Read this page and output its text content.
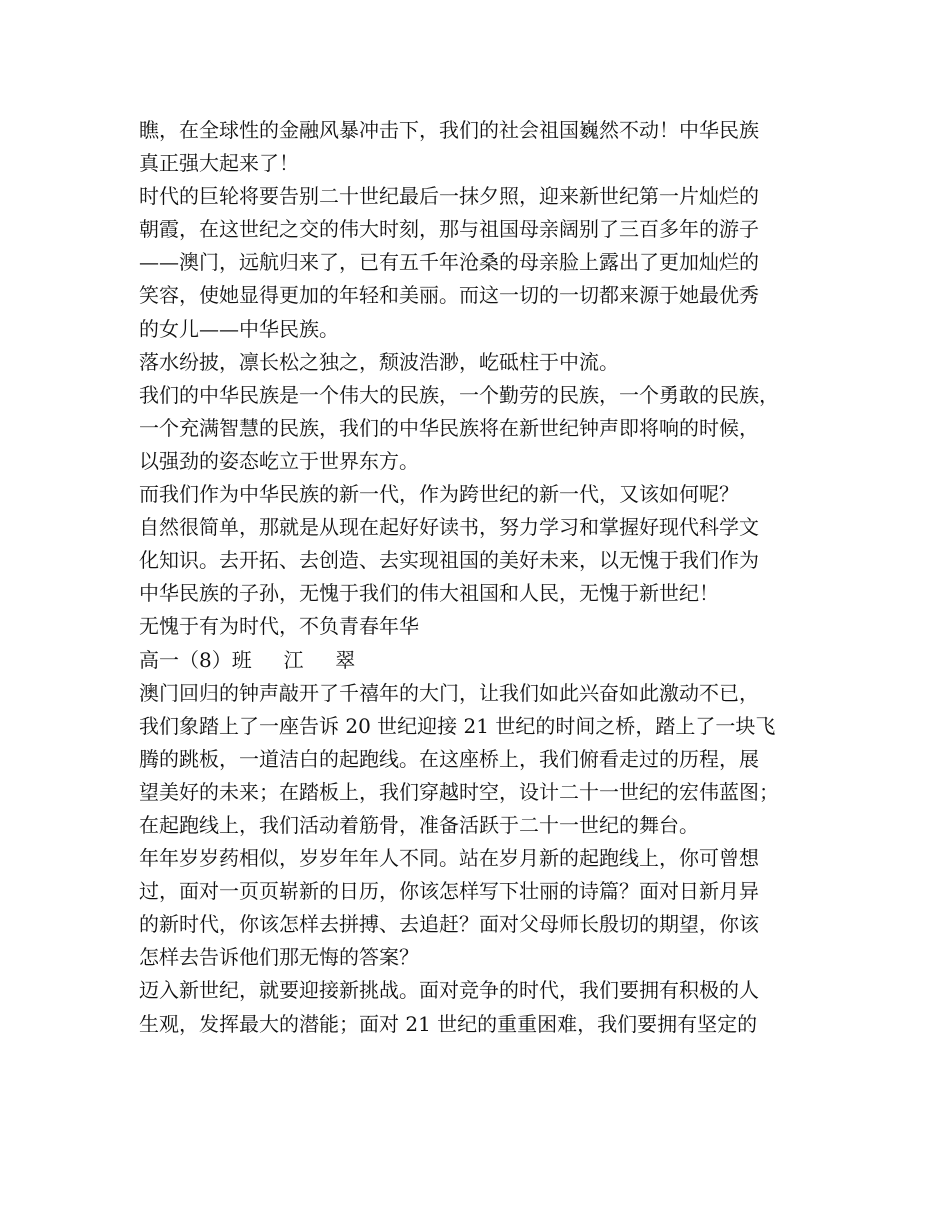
瞧，在全球性的金融风暴冲击下，我们的社会祖国巍然不动！中华民族

真正强大起来了！

时代的巨轮将要告别二十世纪最后一抹夕照，迎来新世纪第一片灿烂的

朝霞，在这世纪之交的伟大时刻，那与祖国母亲阔别了三百多年的游子

——澳门，远航归来了，已有五千年沧桑的母亲脸上露出了更加灿烂的

笑容，使她显得更加的年轻和美丽。而这一切的一切都来源于她最优秀

的女儿——中华民族。

落水纷披，凛长松之独之，颓波浩渺，屹砥柱于中流。

我们的中华民族是一个伟大的民族，一个勤劳的民族，一个勇敢的民族，

一个充满智慧的民族，我们的中华民族将在新世纪钟声即将响的时候，

以强劲的姿态屹立于世界东方。

而我们作为中华民族的新一代，作为跨世纪的新一代，又该如何呢？

自然很简单，那就是从现在起好好读书，努力学习和掌握好现代科学文

化知识。去开拓、去创造、去实现祖国的美好未来，以无愧于我们作为

中华民族的子孙，无愧于我们的伟大祖国和人民，无愧于新世纪！

无愧于有为时代，不负青春年华

高一（8）班     江     翠

澳门回归的钟声敲开了千禧年的大门，让我们如此兴奋如此激动不已，

我们象踏上了一座告诉 20 世纪迎接 21 世纪的时间之桥，踏上了一块飞

腾的跳板，一道洁白的起跑线。在这座桥上，我们俯看走过的历程，展

望美好的未来；在踏板上，我们穿越时空，设计二十一世纪的宏伟蓝图；

在起跑线上，我们活动着筋骨，准备活跃于二十一世纪的舞台。

年年岁岁药相似，岁岁年年人不同。站在岁月新的起跑线上，你可曾想

过，面对一页页崭新的日历，你该怎样写下壮丽的诗篇？面对日新月异

的新时代，你该怎样去拼搏、去追赶？面对父母师长殷切的期望，你该

怎样去告诉他们那无悔的答案？

迈入新世纪，就要迎接新挑战。面对竞争的时代，我们要拥有积极的人

生观，发挥最大的潜能；面对 21 世纪的重重困难，我们要拥有坚定的
